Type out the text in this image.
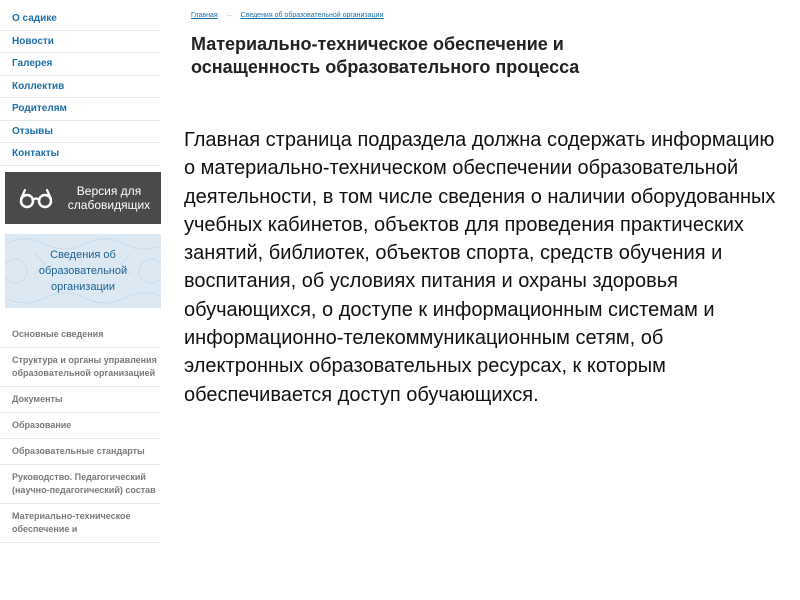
О садике
Новости
Галерея
Коллектив
Родителям
Отзывы
Контакты
Версия для слабовидящих
Сведения об образовательной организации
Основные сведения
Структура и органы управления образовательной организацией
Документы
Образование
Образовательные стандарты
Руководство. Педагогический (научно-педагогический) состав
Материально-техническое обеспечение и
Главная → Сведения об образовательной организации
Материально-техническое обеспечение и оснащенность образовательного процесса

Главная страница подраздела должна содержать информацию о материально-техническом обеспечении образовательной деятельности, в том числе сведения о наличии оборудованных учебных кабинетов, объектов для проведения практических занятий, библиотек, объектов спорта, средств обучения и воспитания, об условиях питания и охраны здоровья обучающихся, о доступе к информационным системам и информационно-телекоммуникационным сетям, об электронных образовательных ресурсах, к которым обеспечивается доступ обучающихся.
